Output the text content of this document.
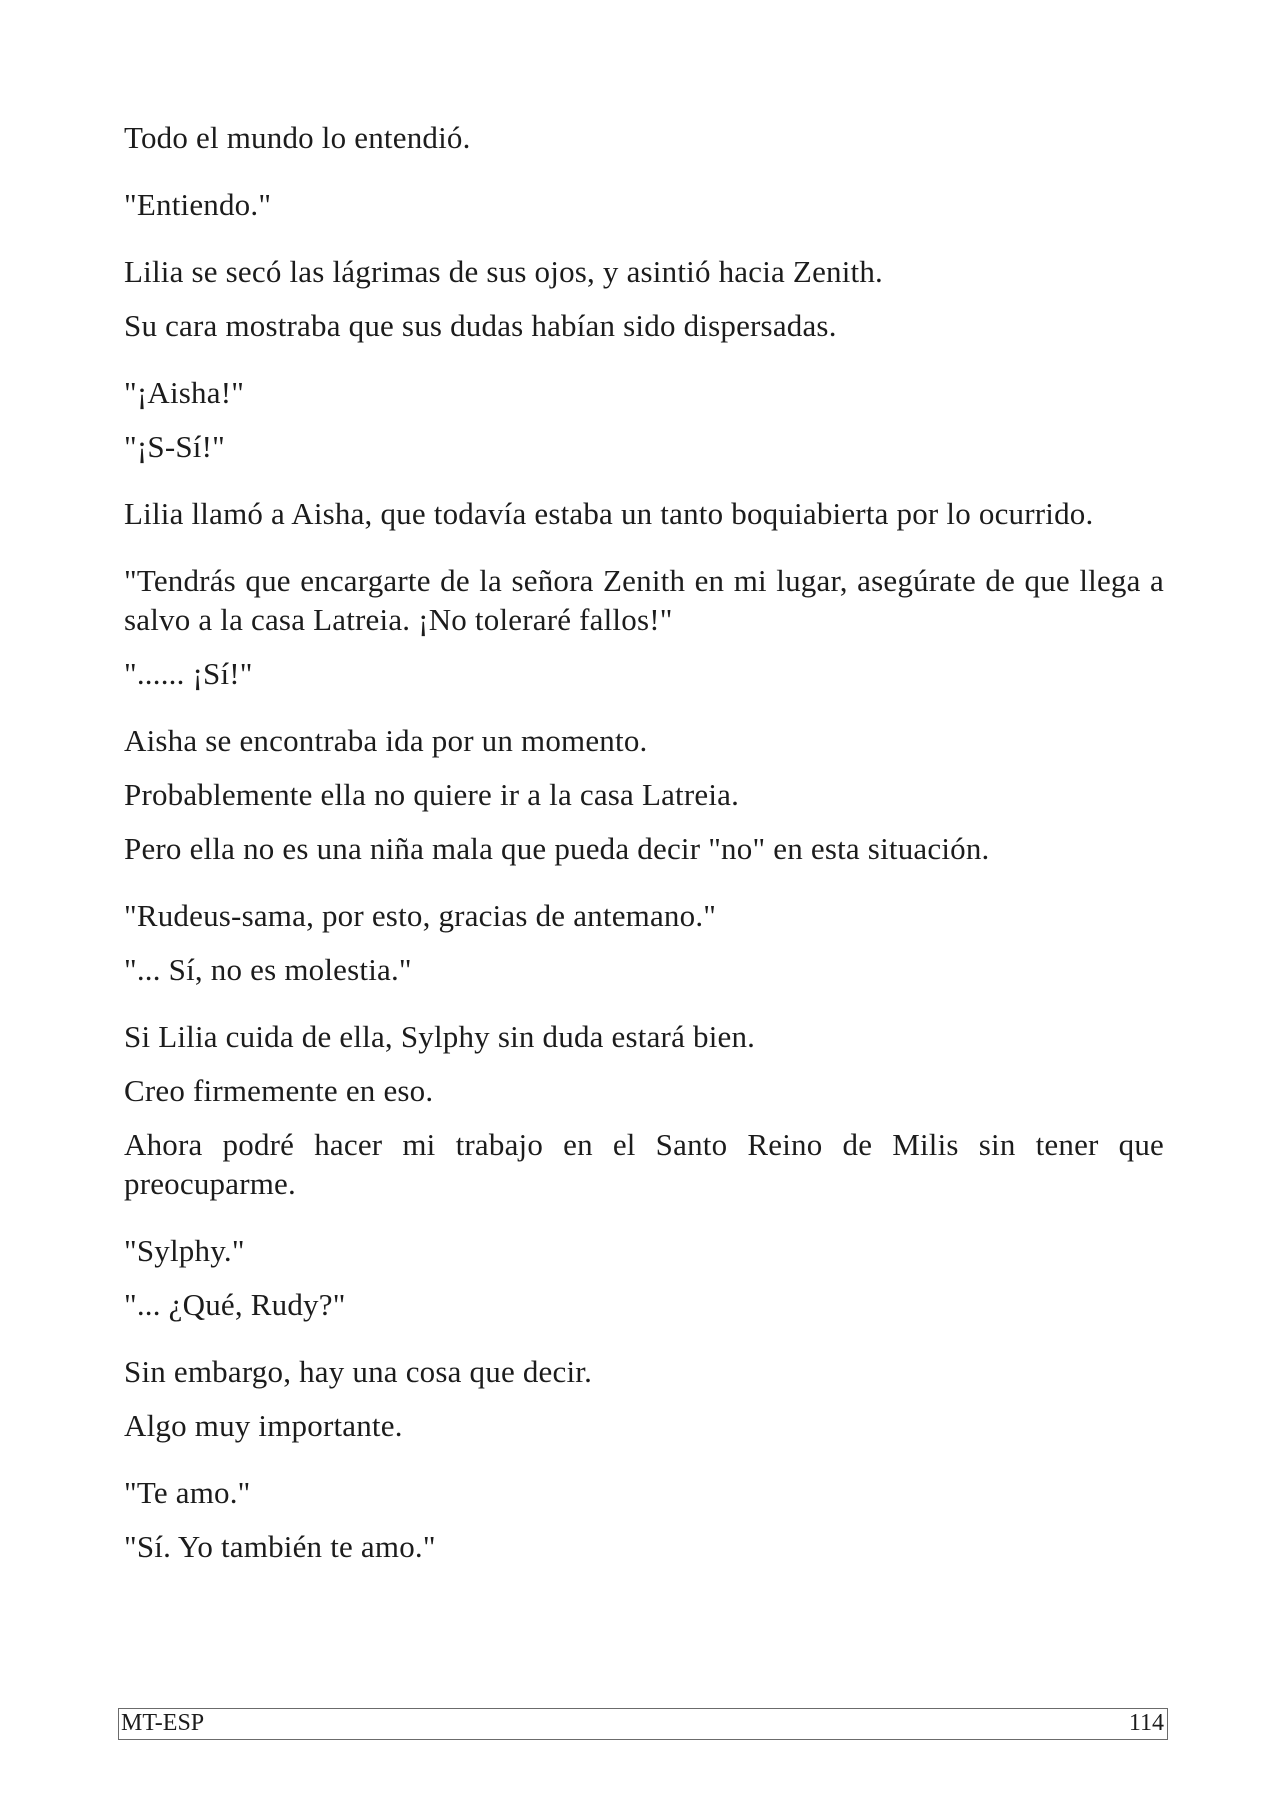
Todo el mundo lo entendió.

"Entiendo."

Lilia se secó las lágrimas de sus ojos, y asintió hacia Zenith.

Su cara mostraba que sus dudas habían sido dispersadas.

"¡Aisha!"

"¡S-Sí!"

Lilia llamó a Aisha, que todavía estaba un tanto boquiabierta por lo ocurrido.

"Tendrás que encargarte de la señora Zenith en mi lugar, asegúrate de que llega a salvo a la casa Latreia. ¡No toleraré fallos!"

"...... ¡Sí!"

Aisha se encontraba ida por un momento.

Probablemente ella no quiere ir a la casa Latreia.

Pero ella no es una niña mala que pueda decir "no" en esta situación.

"Rudeus-sama, por esto, gracias de antemano."

"... Sí, no es molestia."

Si Lilia cuida de ella, Sylphy sin duda estará bien.

Creo firmemente en eso.

Ahora podré hacer mi trabajo en el Santo Reino de Milis sin tener que preocuparme.

"Sylphy."

"... ¿Qué, Rudy?"

Sin embargo, hay una cosa que decir.

Algo muy importante.

"Te amo."

"Sí. Yo también te amo."

MT-ESP	114
